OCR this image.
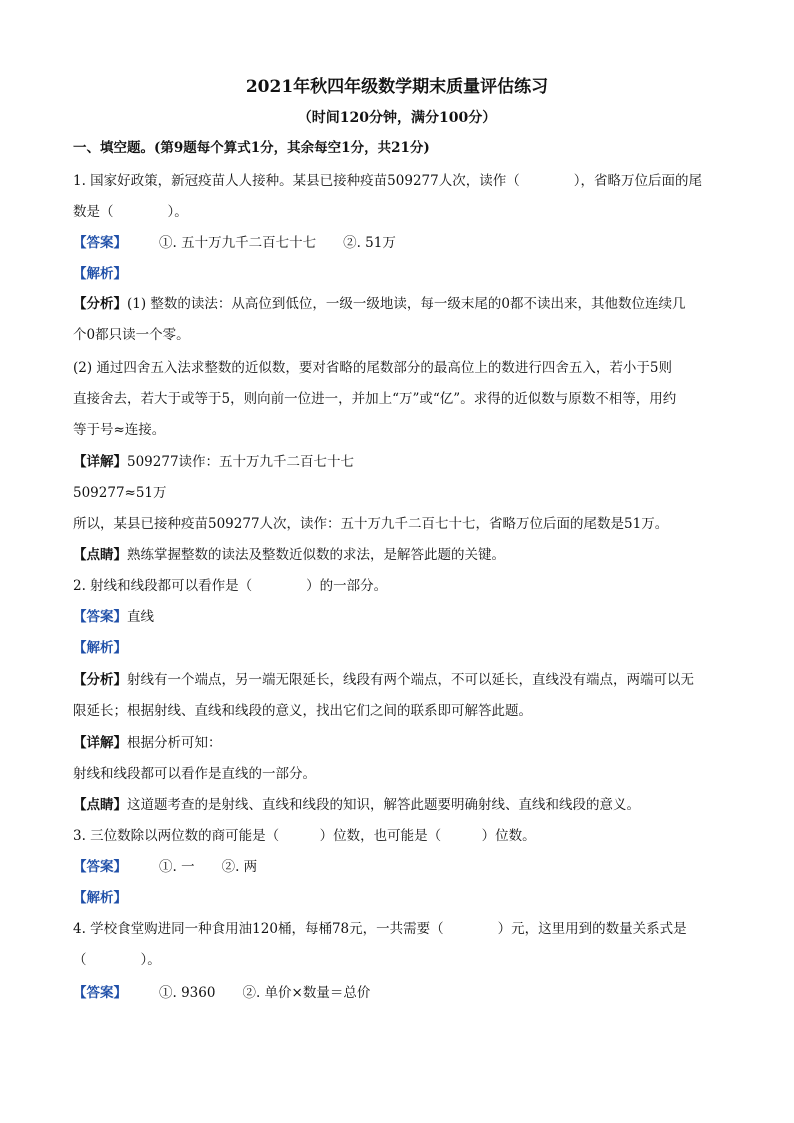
2021年秋四年级数学期末质量评估练习
（时间120分钟，满分100分）
一、填空题。(第9题每个算式1分，其余每空1分，共21分)
1. 国家好政策，新冠疫苗人人接种。某县已接种疫苗509277人次，读作（　　　　），省略万位后面的尾
数是（　　　　）。
【答案】 ①. 五十万九千二百七十七　　②. 51万
【解析】
【分析】(1) 整数的读法：从高位到低位，一级一级地读，每一级末尾的0都不读出来，其他数位连续几
个0都只读一个零。
(2) 通过四舍五入法求整数的近似数，要对省略的尾数部分的最高位上的数进行四舍五入，若小于5则
直接舍去，若大于或等于5，则向前一位进一，并加上“万”或“亿”。求得的近似数与原数不相等，用约
等于号≈连接。
【详解】509277读作：五十万九千二百七十七
509277≈51万
所以，某县已接种疫苗509277人次，读作：五十万九千二百七十七，省略万位后面的尾数是51万。
【点睛】熟练掌握整数的读法及整数近似数的求法，是解答此题的关键。
2. 射线和线段都可以看作是（　　　　）的一部分。
【答案】直线
【解析】
【分析】射线有一个端点，另一端无限延长，线段有两个端点，不可以延长，直线没有端点，两端可以无
限延长；根据射线、直线和线段的意义，找出它们之间的联系即可解答此题。
【详解】根据分析可知：
射线和线段都可以看作是直线的一部分。
【点睛】这道题考查的是射线、直线和线段的知识，解答此题要明确射线、直线和线段的意义。
3. 三位数除以两位数的商可能是（　　　）位数，也可能是（　　　）位数。
【答案】 ①. 一　　②. 两
【解析】
4. 学校食堂购进同一种食用油120桶，每桶78元，一共需要（　　　　）元，这里用到的数量关系式是
（　　　　）。
【答案】 ①. 9360　　②. 单价×数量＝总价
